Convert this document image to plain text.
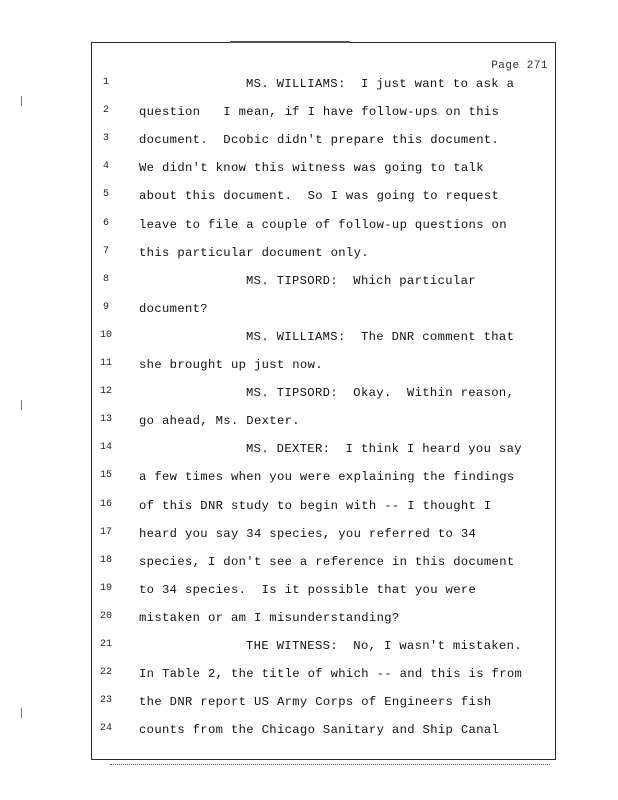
Page 271
1	MS. WILLIAMS:  I just want to ask a
2	question   I mean, if I have follow-ups on this
3	document.  Dcobic didn't prepare this document.
4	We didn't know this witness was going to talk
5	about this document.  So I was going to request
6	leave to file a couple of follow-up questions on
7	this particular document only.
8	MS. TIPSORD:  Which particular
9	document?
10	MS. WILLIAMS:  The DNR comment that
11	she brought up just now.
12	MS. TIPSORD:  Okay.  Within reason,
13	go ahead, Ms. Dexter.
14	MS. DEXTER:  I think I heard you say
15	a few times when you were explaining the findings
16	of this DNR study to begin with -- I thought I
17	heard you say 34 species, you referred to 34
18	species, I don't see a reference in this document
19	to 34 species.  Is it possible that you were
20	mistaken or am I misunderstanding?
21	THE WITNESS:  No, I wasn't mistaken.
22	In Table 2, the title of which -- and this is from
23	the DNR report US Army Corps of Engineers fish
24	counts from the Chicago Sanitary and Ship Canal
